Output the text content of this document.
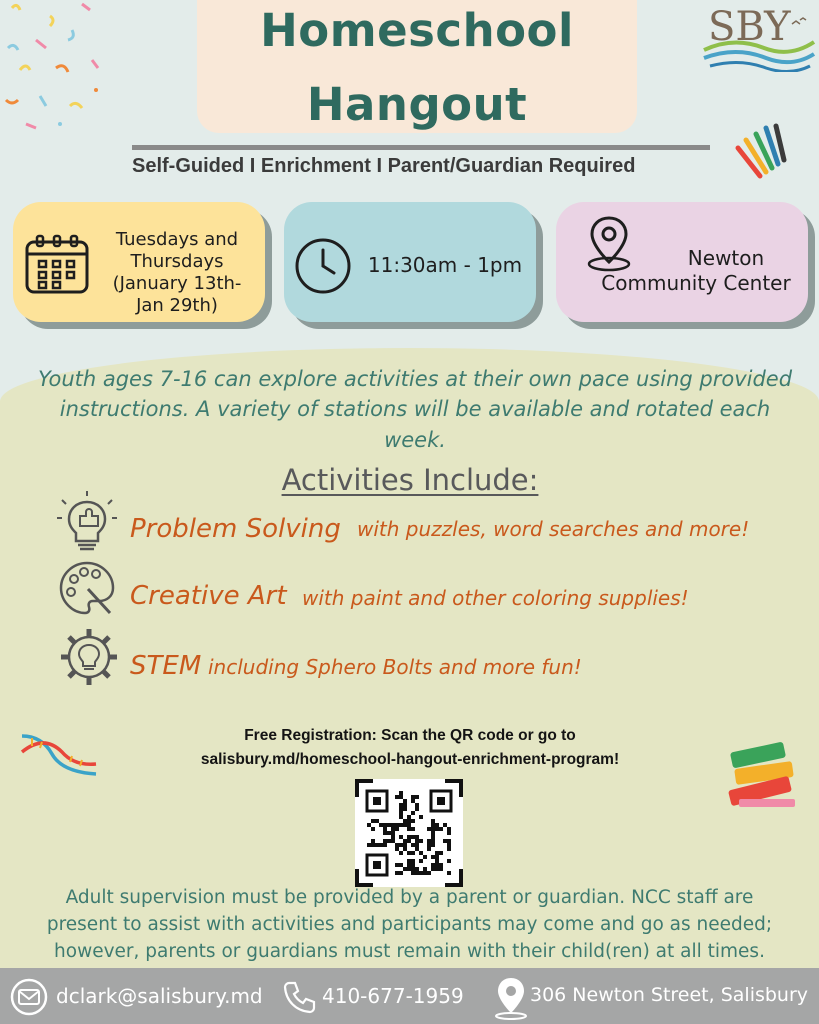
Homeschool
Hangout
SBY
Self-Guided I Enrichment I Parent/Guardian Required
Tuesdays and
Thursdays
(January 13th-
Jan 29th)
11:30am - 1pm	Newton
Community Center
Youth ages 7-16 can explore activities at their own pace using provided
instructions. A variety of stations will be available and rotated each
week.
Activities Include:
Problem Solving with puzzles, word searches and more!
Creative Art with paint and other coloring supplies!
STEM including Sphero Bolts and more fun!
Free Registration: Scan the QR code or go to
salisbury.md/homeschool-hangout-enrichment-program!
Adult supervision must be provided by a parent or guardian. NCC staff are
present to assist with activities and participants may come and go as needed;
however, parents or guardians must remain with their child(ren) at all times.
dclark@salisbury.md	410-677-1959	306 Newton Street, Salisbury
